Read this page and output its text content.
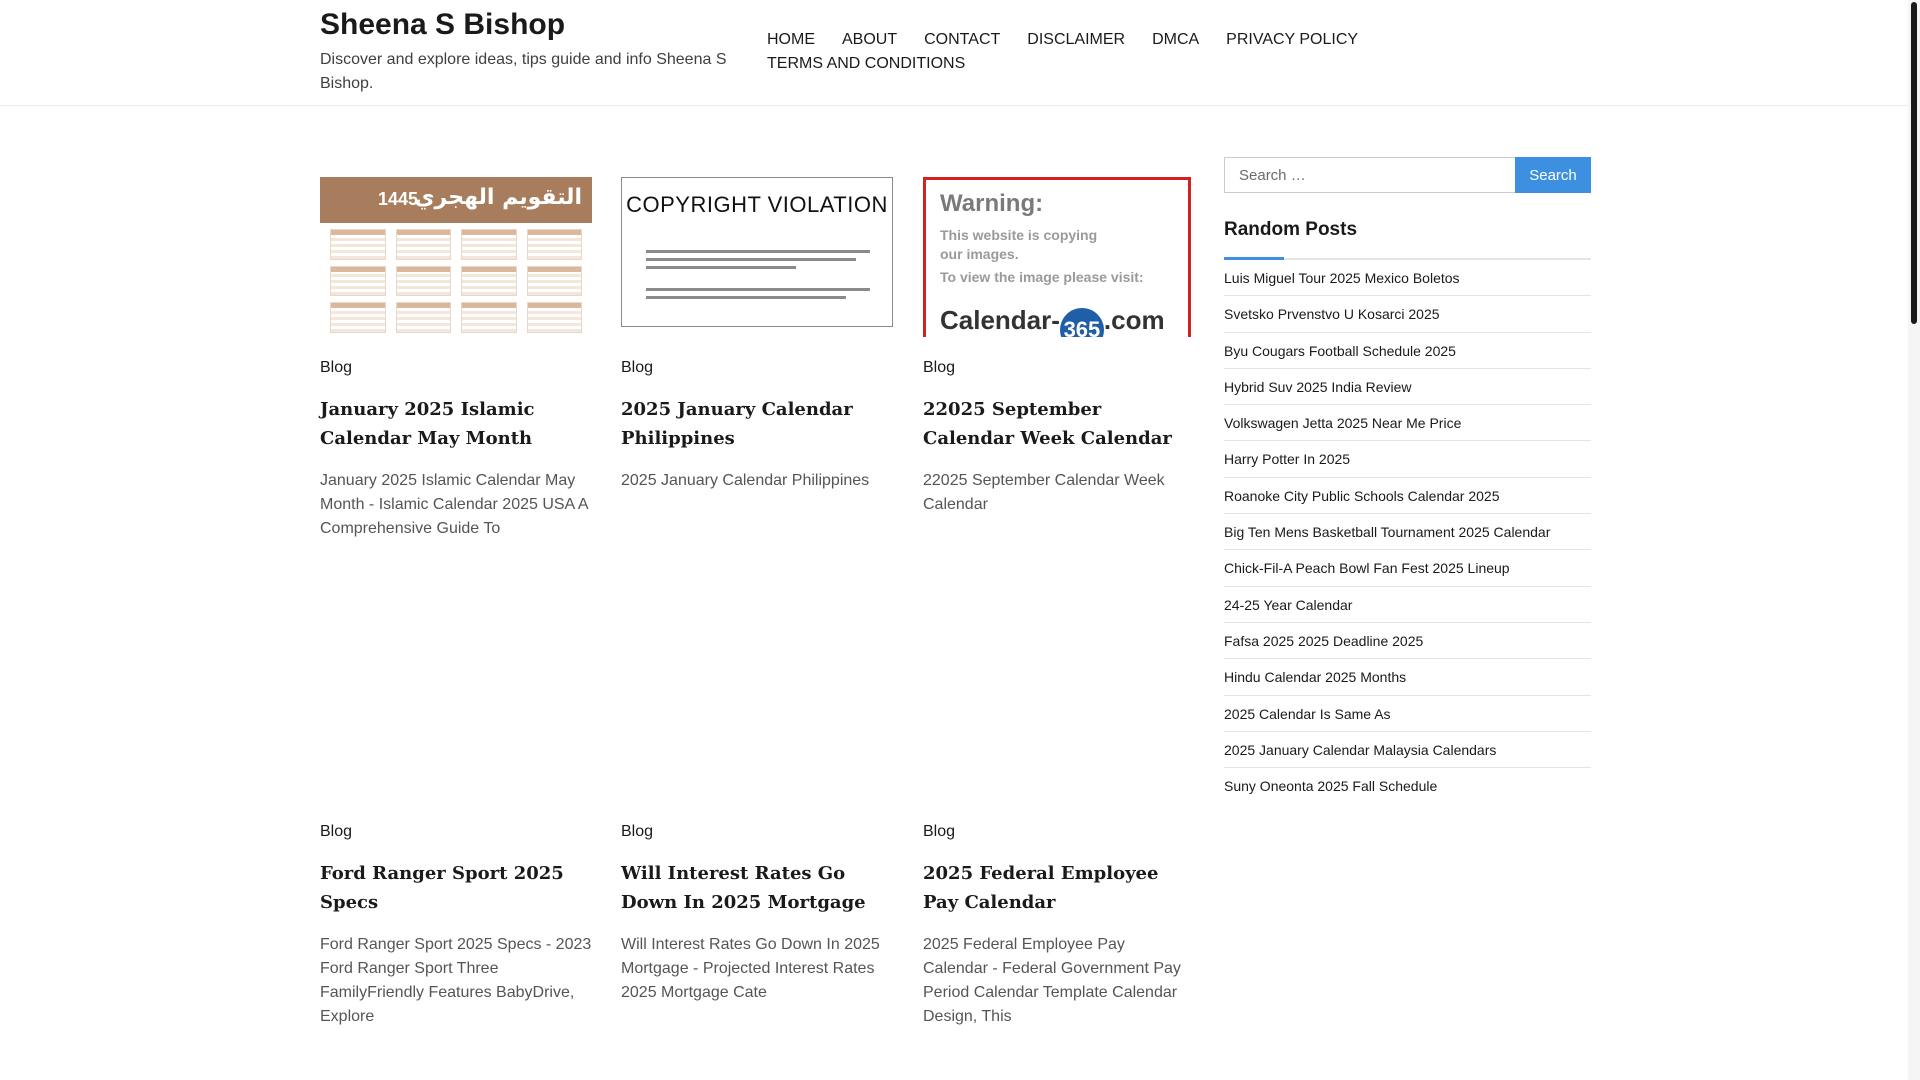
Sheena S Bishop
Discover and explore ideas, tips guide and info Sheena S Bishop.
HOME ABOUT CONTACT DISCLAIMER DMCA PRIVACY POLICY
TERMS AND CONDITIONS
1445
التقويم الهجري
Blog
January 2025 Islamic Calendar May Month

January 2025 Islamic Calendar May Month - Islamic Calendar 2025 USA A Comprehensive Guide To

COPYRIGHT VIOLATION
Blog
2025 January Calendar Philippines

2025 January Calendar Philippines

Warning:
This website is copying
our images.
To view the image please visit:
Calendar- 365 .com
Blog
22025 September Calendar Week Calendar

22025 September Calendar Week Calendar

Blog
Ford Ranger Sport 2025 Specs

Ford Ranger Sport 2025 Specs - 2023 Ford Ranger Sport Three FamilyFriendly Features BabyDrive, Explore

Blog
Will Interest Rates Go Down In 2025 Mortgage

Will Interest Rates Go Down In 2025 Mortgage - Projected Interest Rates 2025 Mortgage Cate

Blog
2025 Federal Employee Pay Calendar

2025 Federal Employee Pay Calendar - Federal Government Pay Period Calendar Template Calendar Design, This

Search …
Search
Random Posts
Luis Miguel Tour 2025 Mexico Boletos
Svetsko Prvenstvo U Kosarci 2025
Byu Cougars Football Schedule 2025
Hybrid Suv 2025 India Review
Volkswagen Jetta 2025 Near Me Price
Harry Potter In 2025
Roanoke City Public Schools Calendar 2025
Big Ten Mens Basketball Tournament 2025 Calendar
Chick-Fil-A Peach Bowl Fan Fest 2025 Lineup
24-25 Year Calendar
Fafsa 2025 2025 Deadline 2025
Hindu Calendar 2025 Months
2025 Calendar Is Same As
2025 January Calendar Malaysia Calendars
Suny Oneonta 2025 Fall Schedule
